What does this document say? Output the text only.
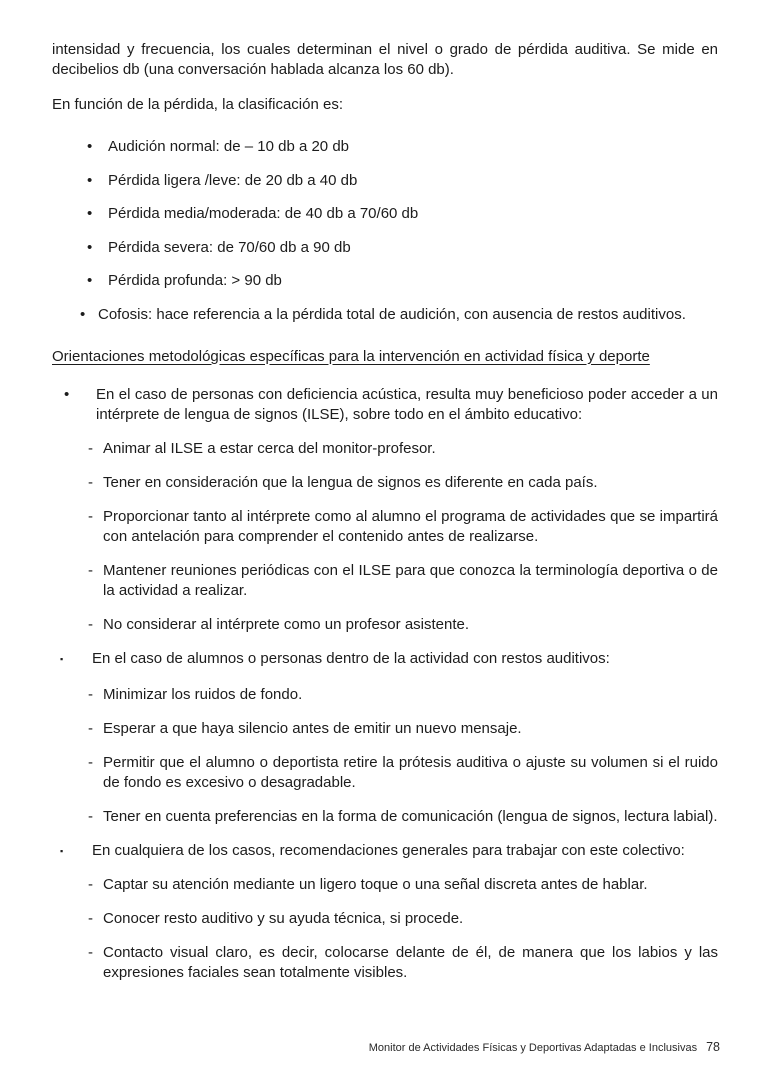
intensidad y frecuencia, los cuales determinan el nivel o grado de pérdida auditiva. Se mide en decibelios db (una conversación hablada alcanza los 60 db).

En función de la pérdida, la clasificación es:

•	Audición normal: de – 10 db a 20 db
•	Pérdida ligera /leve: de 20 db a 40 db
•	Pérdida media/moderada: de 40 db a 70/60 db
•	Pérdida severa: de 70/60 db a 90 db
•	Pérdida profunda: > 90 db
• Cofosis: hace referencia a la pérdida total de audición, con ausencia de restos auditivos.
Orientaciones metodológicas específicas para la intervención en actividad física y deporte
•	En el caso de personas con deficiencia acústica, resulta muy beneficioso poder acceder a un intérprete de lengua de signos (ILSE), sobre todo en el ámbito educativo:
- Animar al ILSE a estar cerca del monitor-profesor.
- Tener en consideración que la lengua de signos es diferente en cada país.
- Proporcionar tanto al intérprete como al alumno el programa de actividades que se impartirá con antelación para comprender el contenido antes de realizarse.
- Mantener reuniones periódicas con el ILSE para que conozca la terminología deportiva o de la actividad a realizar.
- No considerar al intérprete como un profesor asistente.
▪	En el caso de alumnos o personas dentro de la actividad con restos auditivos:
- Minimizar los ruidos de fondo.
- Esperar a que haya silencio antes de emitir un nuevo mensaje.
- Permitir que el alumno o deportista retire la prótesis auditiva o ajuste su volumen si el ruido de fondo es excesivo o desagradable.
- Tener en cuenta preferencias en la forma de comunicación (lengua de signos, lectura labial).
▪	En cualquiera de los casos, recomendaciones generales para trabajar con este colectivo:
- Captar su atención mediante un ligero toque o una señal discreta antes de hablar.
- Conocer resto auditivo y su ayuda técnica, si procede.
- Contacto visual claro, es decir, colocarse delante de él, de manera que los labios y las expresiones faciales sean totalmente visibles.
Monitor de Actividades Físicas y Deportivas Adaptadas e Inclusivas 78
